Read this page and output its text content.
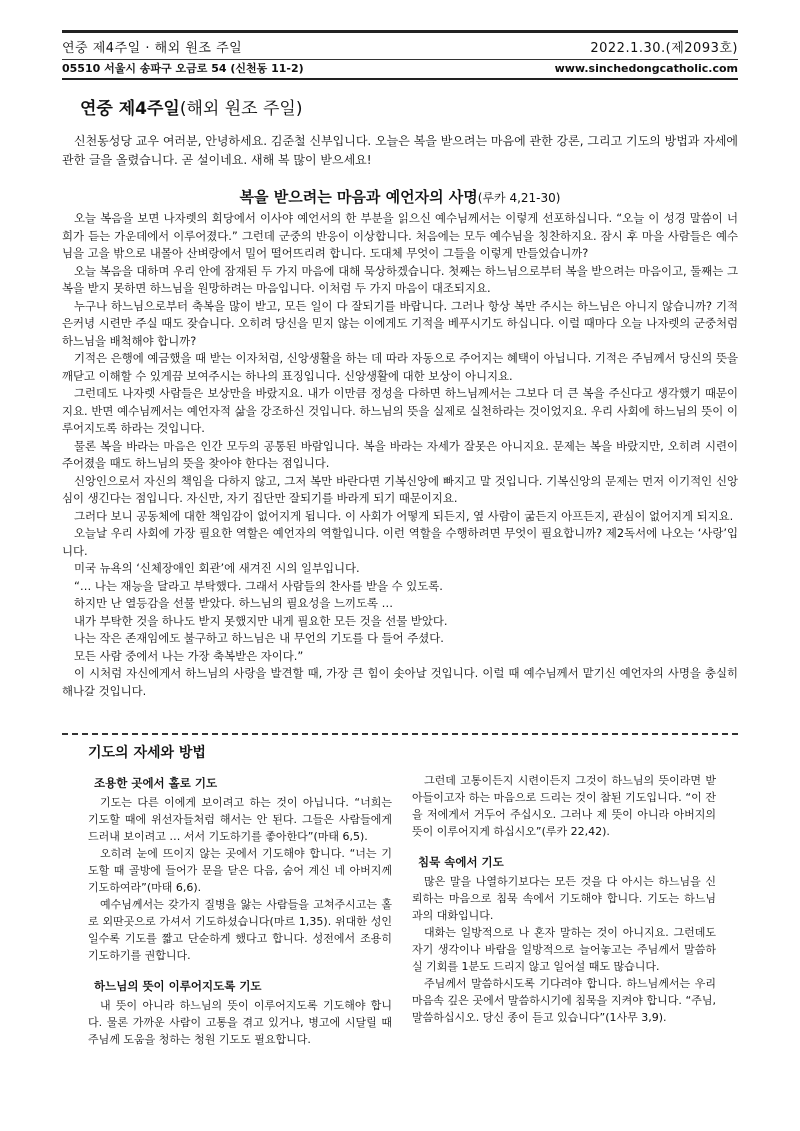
연중 제4주일 · 해외 원조 주일	2022.1.30.(제2093호)
05510 서울시 송파구 오금로 54 (신천동 11-2)	www.sinchedongcatholic.com
연중 제4주일(해외 원조 주일)
신천동성당 교우 여러분, 안녕하세요. 김준철 신부입니다. 오늘은 복을 받으려는 마음에 관한 강론, 그리고 기도의 방법과 자세에 관한 글을 올렸습니다. 곧 설이네요. 새해 복 많이 받으세요!
복을 받으려는 마음과 예언자의 사명(루카 4,21-30)

오늘 복음을 보면 나자렛의 회당에서 이사야 예언서의 한 부분을 읽으신 예수님께서는 이렇게 선포하십니다. “오늘 이 성경 말씀이 너희가 듣는 가운데에서 이루어졌다.” 그런데 군중의 반응이 이상합니다. 처음에는 모두 예수님을 칭찬하지요. 잠시 후 마을 사람들은 예수님을 고을 밖으로 내몰아 산벼랑에서 밀어 떨어뜨리려 합니다. 도대체 무엇이 그들을 이렇게 만들었습니까?

오늘 복음을 대하며 우리 안에 잠재된 두 가지 마음에 대해 묵상하겠습니다. 첫째는 하느님으로부터 복을 받으려는 마음이고, 둘째는 그 복을 받지 못하면 하느님을 원망하려는 마음입니다. 이처럼 두 가지 마음이 대조되지요.

누구나 하느님으로부터 축복을 많이 받고, 모든 일이 다 잘되기를 바랍니다. 그러나 항상 복만 주시는 하느님은 아니지 않습니까? 기적은커녕 시련만 주실 때도 잦습니다. 오히려 당신을 믿지 않는 이에게도 기적을 베푸시기도 하십니다. 이럴 때마다 오늘 나자렛의 군중처럼 하느님을 배척해야 합니까?

기적은 은행에 예금했을 때 받는 이자처럼, 신앙생활을 하는 데 따라 자동으로 주어지는 혜택이 아닙니다. 기적은 주님께서 당신의 뜻을 깨닫고 이해할 수 있게끔 보여주시는 하나의 표징입니다. 신앙생활에 대한 보상이 아니지요.

그런데도 나자렛 사람들은 보상만을 바랐지요. 내가 이만큼 정성을 다하면 하느님께서는 그보다 더 큰 복을 주신다고 생각했기 때문이지요. 반면 예수님께서는 예언자적 삶을 강조하신 것입니다. 하느님의 뜻을 실제로 실천하라는 것이었지요. 우리 사회에 하느님의 뜻이 이루어지도록 하라는 것입니다.

물론 복을 바라는 마음은 인간 모두의 공통된 바람입니다. 복을 바라는 자세가 잘못은 아니지요. 문제는 복을 바랐지만, 오히려 시련이 주어졌을 때도 하느님의 뜻을 찾아야 한다는 점입니다.

신앙인으로서 자신의 책임을 다하지 않고, 그저 복만 바란다면 기복신앙에 빠지고 말 것입니다. 기복신앙의 문제는 먼저 이기적인 신앙심이 생긴다는 점입니다. 자신만, 자기 집단만 잘되기를 바라게 되기 때문이지요.

그러다 보니 공동체에 대한 책임감이 없어지게 됩니다. 이 사회가 어떻게 되든지, 옆 사람이 굶든지 아프든지, 관심이 없어지게 되지요.

오늘날 우리 사회에 가장 필요한 역할은 예언자의 역할입니다. 이런 역할을 수행하려면 무엇이 필요합니까? 제2독서에 나오는 ‘사랑’입니다.

미국 뉴욕의 ‘신체장애인 회관’에 새겨진 시의 일부입니다.

“… 나는 재능을 달라고 부탁했다. 그래서 사람들의 찬사를 받을 수 있도록.

하지만 난 열등감을 선물 받았다. 하느님의 필요성을 느끼도록 …

내가 부탁한 것을 하나도 받지 못했지만 내게 필요한 모든 것을 선물 받았다.

나는 작은 존재임에도 불구하고 하느님은 내 무언의 기도를 다 들어 주셨다.

모든 사람 중에서 나는 가장 축복받은 자이다.”

이 시처럼 자신에게서 하느님의 사랑을 발견할 때, 가장 큰 힘이 솟아날 것입니다. 이럴 때 예수님께서 맡기신 예언자의 사명을 충실히 해나갈 것입니다.

기도의 자세와 방법

조용한 곳에서 홀로 기도

기도는 다른 이에게 보이려고 하는 것이 아닙니다. “너희는 기도할 때에 위선자들처럼 해서는 안 된다. 그들은 사람들에게 드러내 보이려고 … 서서 기도하기를 좋아한다”(마태 6,5).

오히려 눈에 뜨이지 않는 곳에서 기도해야 합니다. “너는 기도할 때 골방에 들어가 문을 닫은 다음, 숨어 계신 네 아버지께 기도하여라”(마태 6,6).

예수님께서는 갖가지 질병을 앓는 사람들을 고쳐주시고는 홀로 외딴곳으로 가셔서 기도하셨습니다(마르 1,35). 위대한 성인일수록 기도를 짧고 단순하게 했다고 합니다. 성전에서 조용히 기도하기를 권합니다.

하느님의 뜻이 이루어지도록 기도

내 뜻이 아니라 하느님의 뜻이 이루어지도록 기도해야 합니다. 물론 가까운 사람이 고통을 겪고 있거나, 병고에 시달릴 때 주님께 도움을 청하는 청원 기도도 필요합니다.

그런데 고통이든지 시련이든지 그것이 하느님의 뜻이라면 받아들이고자 하는 마음으로 드리는 것이 참된 기도입니다. “이 잔을 저에게서 거두어 주십시오. 그러나 제 뜻이 아니라 아버지의 뜻이 이루어지게 하십시오”(루카 22,42).

침묵 속에서 기도

많은 말을 나열하기보다는 모든 것을 다 아시는 하느님을 신뢰하는 마음으로 침묵 속에서 기도해야 합니다. 기도는 하느님과의 대화입니다.

대화는 일방적으로 나 혼자 말하는 것이 아니지요. 그런데도 자기 생각이나 바람을 일방적으로 늘어놓고는 주님께서 말씀하실 기회를 1분도 드리지 않고 일어설 때도 많습니다.

주님께서 말씀하시도록 기다려야 합니다. 하느님께서는 우리 마음속 깊은 곳에서 말씀하시기에 침묵을 지켜야 합니다. “주님, 말씀하십시오. 당신 종이 듣고 있습니다”(1사무 3,9).
